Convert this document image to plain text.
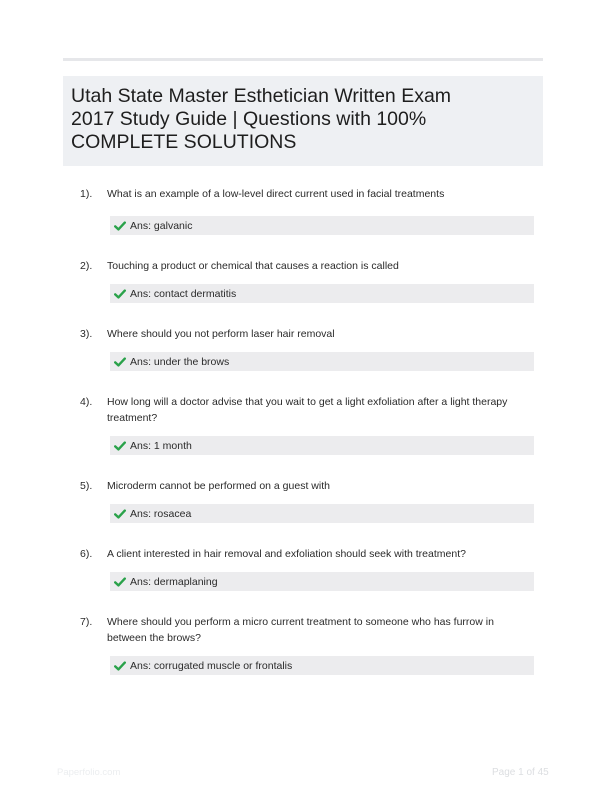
Utah State Master Esthetician Written Exam
2017 Study Guide | Questions with 100%
COMPLETE SOLUTIONS
1). What is an example of a low-level direct current used in facial treatments
Ans: galvanic
2). Touching a product or chemical that causes a reaction is called
Ans: contact dermatitis
3). Where should you not perform laser hair removal
Ans: under the brows
4). How long will a doctor advise that you wait to get a light exfoliation after a light therapy treatment?
Ans: 1 month
5). Microderm cannot be performed on a guest with
Ans: rosacea
6). A client interested in hair removal and exfoliation should seek with treatment?
Ans: dermaplaning
7). Where should you perform a micro current treatment to someone who has furrow in between the brows?
Ans: corrugated muscle or frontalis
Paperfolio.com	Page 1 of 45
